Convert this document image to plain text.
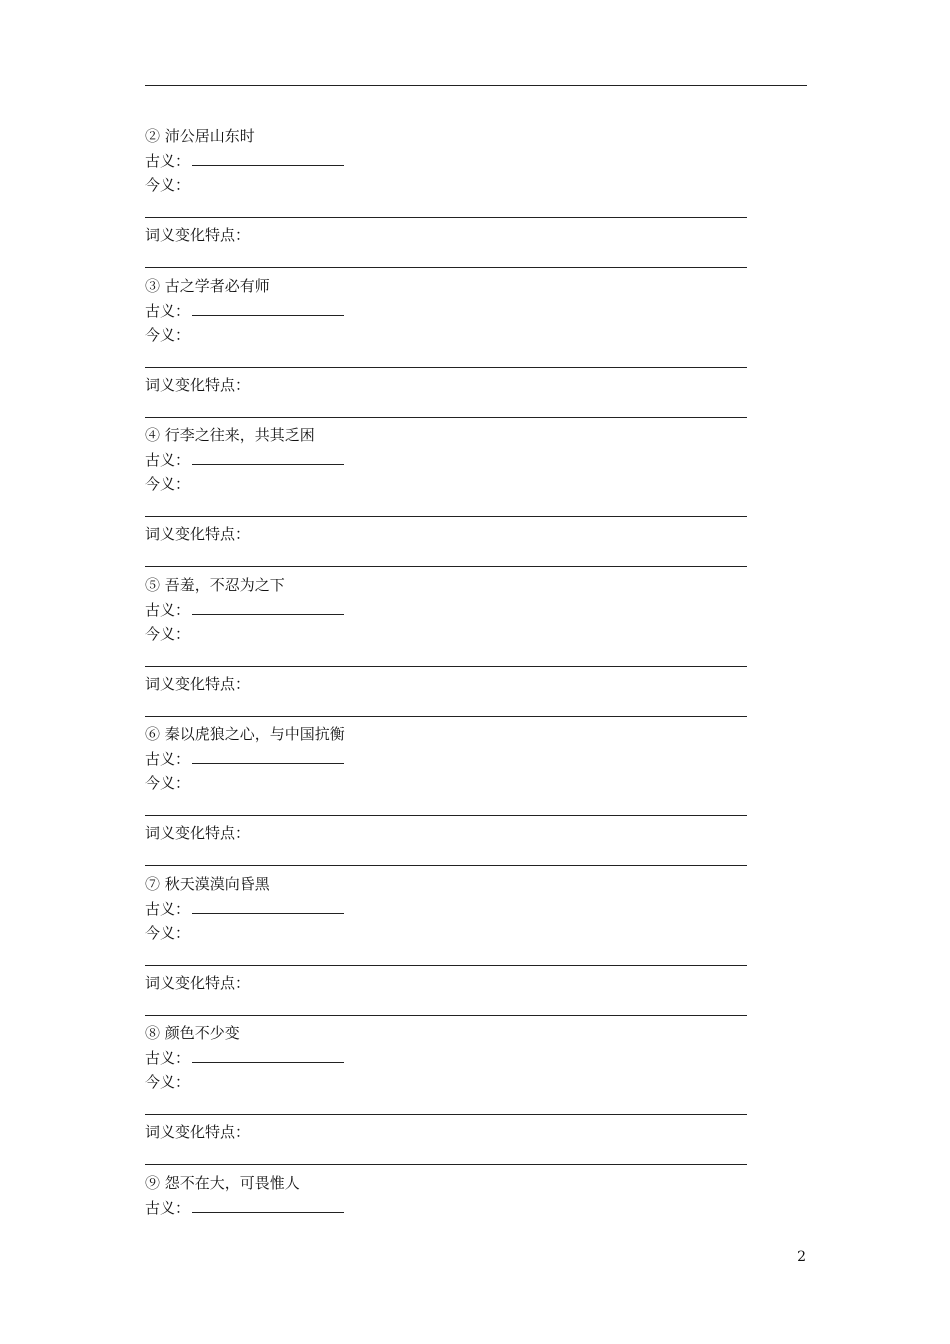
② 沛公居山东时
古义：
今义：
词义变化特点：
③ 古之学者必有师
古义：
今义：
词义变化特点：
④ 行李之往来，共其乏困
古义：
今义：
词义变化特点：
⑤ 吾羞，不忍为之下
古义：
今义：
词义变化特点：
⑥ 秦以虎狼之心，与中国抗衡
古义：
今义：
词义变化特点：
⑦ 秋天漠漠向昏黑
古义：
今义：
词义变化特点：
⑧ 颜色不少变
古义：
今义：
词义变化特点：
⑨ 怨不在大，可畏惟人
古义：
2
